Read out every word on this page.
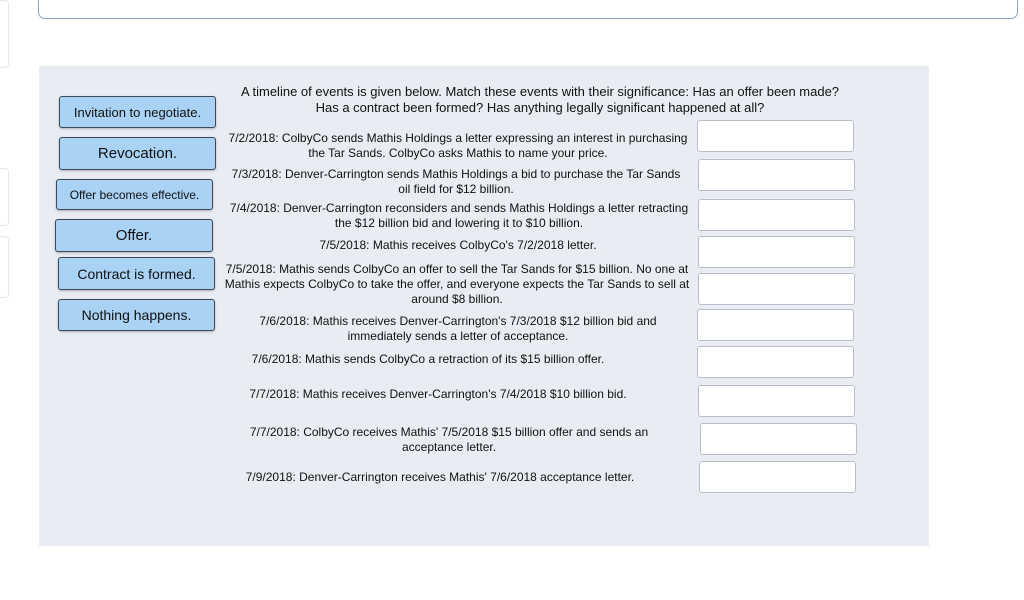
Invitation to negotiate.
Revocation.
Offer becomes effective.
Offer.
Contract is formed.
Nothing happens.
A timeline of events is given below. Match these events with their significance: Has an offer been made? Has a contract been formed? Has anything legally significant happened at all?
7/2/2018: ColbyCo sends Mathis Holdings a letter expressing an interest in purchasing the Tar Sands. ColbyCo asks Mathis to name your price.
7/3/2018: Denver-Carrington sends Mathis Holdings a bid to purchase the Tar Sands oil field for $12 billion.
7/4/2018: Denver-Carrington reconsiders and sends Mathis Holdings a letter retracting the $12 billion bid and lowering it to $10 billion.
7/5/2018: Mathis receives ColbyCo's 7/2/2018 letter.
7/5/2018: Mathis sends ColbyCo an offer to sell the Tar Sands for $15 billion. No one at Mathis expects ColbyCo to take the offer, and everyone expects the Tar Sands to sell at around $8 billion.
7/6/2018: Mathis receives Denver-Carrington's 7/3/2018 $12 billion bid and immediately sends a letter of acceptance.
7/6/2018: Mathis sends ColbyCo a retraction of its $15 billion offer.
7/7/2018: Mathis receives Denver-Carrington's 7/4/2018 $10 billion bid.
7/7/2018: ColbyCo receives Mathis' 7/5/2018 $15 billion offer and sends an acceptance letter.
7/9/2018: Denver-Carrington receives Mathis' 7/6/2018 acceptance letter.
